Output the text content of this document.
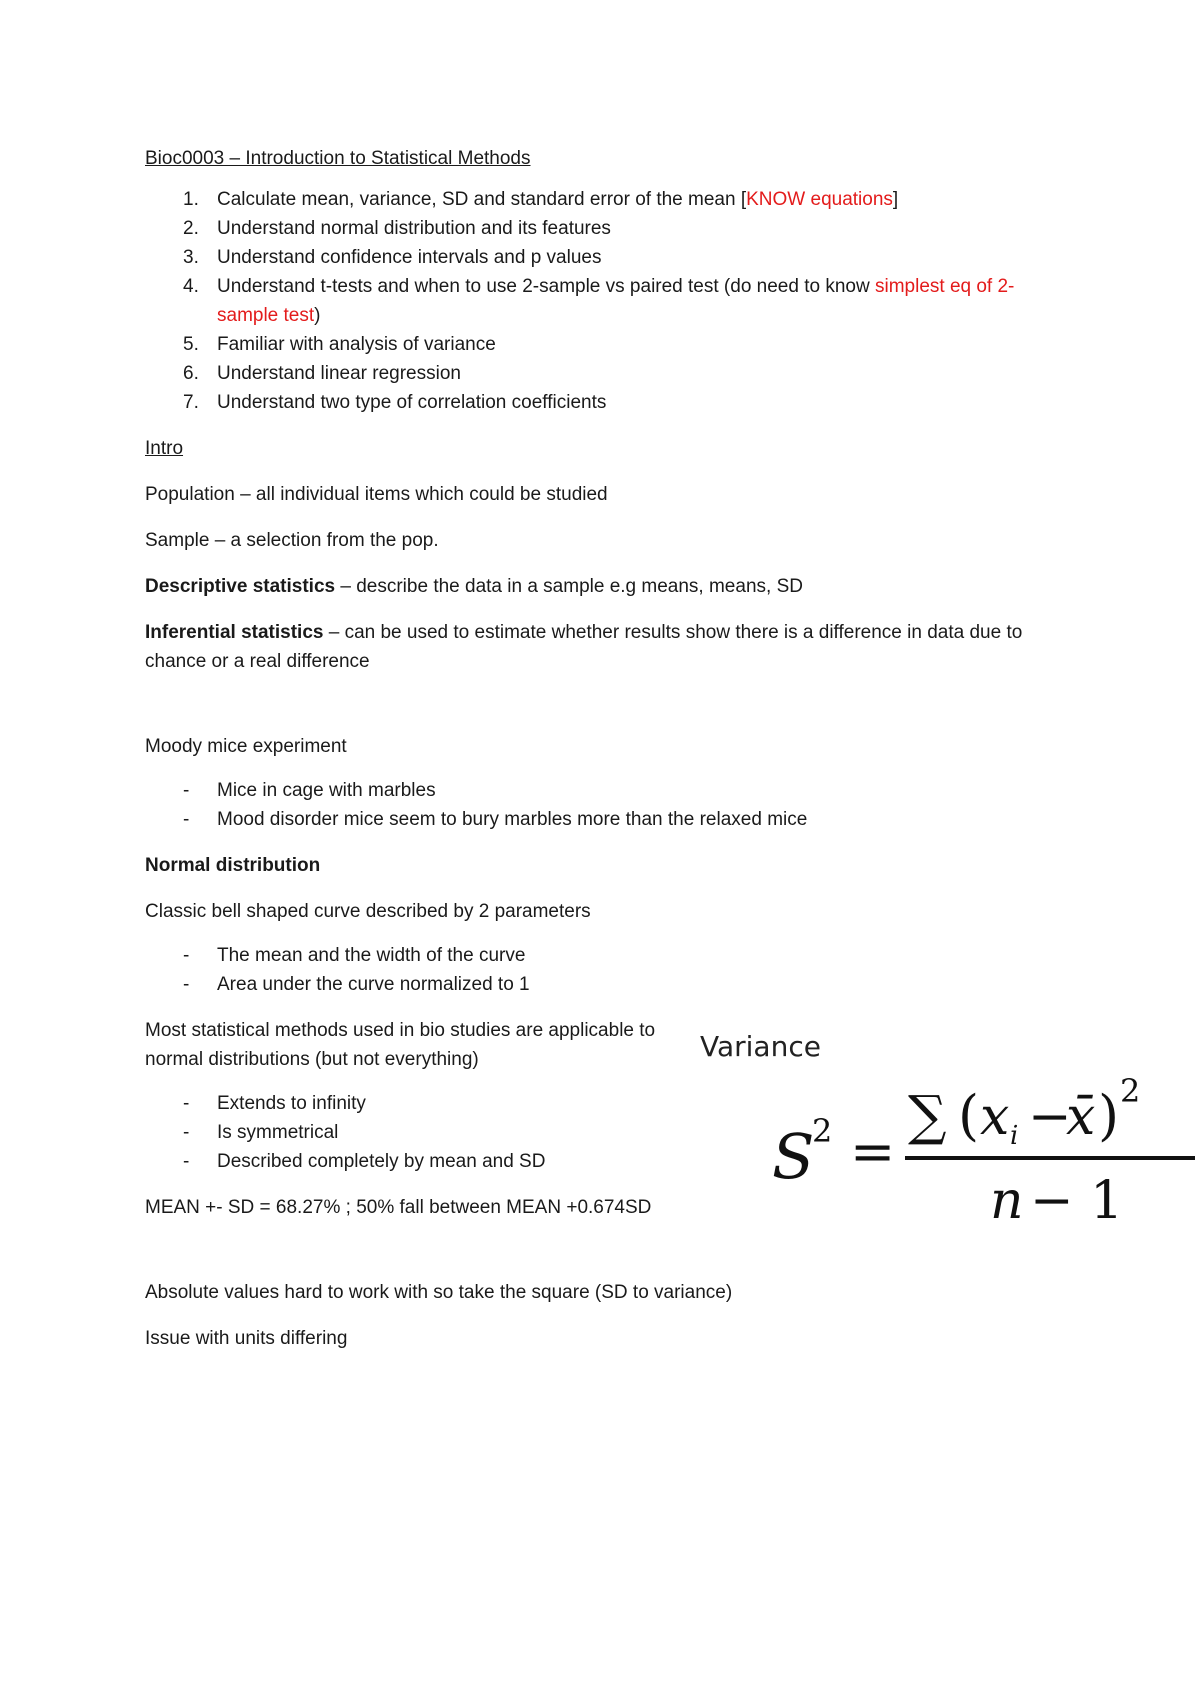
Bioc0003 – Introduction to Statistical Methods

1. Calculate mean, variance, SD and standard error of the mean [KNOW equations]
2. Understand normal distribution and its features
3. Understand confidence intervals and p values
4. Understand t-tests and when to use 2-sample vs paired test (do need to know simplest eq of 2-sample test)
5. Familiar with analysis of variance
6. Understand linear regression
7. Understand two type of correlation coefficients

Intro

Population – all individual items which could be studied

Sample – a selection from the pop.

Descriptive statistics – describe the data in a sample e.g means, means, SD

Inferential statistics – can be used to estimate whether results show there is a difference in data due to chance or a real difference

Moody mice experiment

- Mice in cage with marbles
- Mood disorder mice seem to bury marbles more than the relaxed mice

Normal distribution

Classic bell shaped curve described by 2 parameters

- The mean and the width of the curve
- Area under the curve normalized to 1

Most statistical methods used in bio studies are applicable to normal distributions (but not everything)

- Extends to infinity
- Is symmetrical
- Described completely by mean and SD

MEAN +- SD = 68.27% ; 50% fall between MEAN +0.674SD

Absolute values hard to work with so take the square (SD to variance)

Issue with units differing

Variance
S
2 =
∑ ( x i −
x̄ ) 2
n − 1
